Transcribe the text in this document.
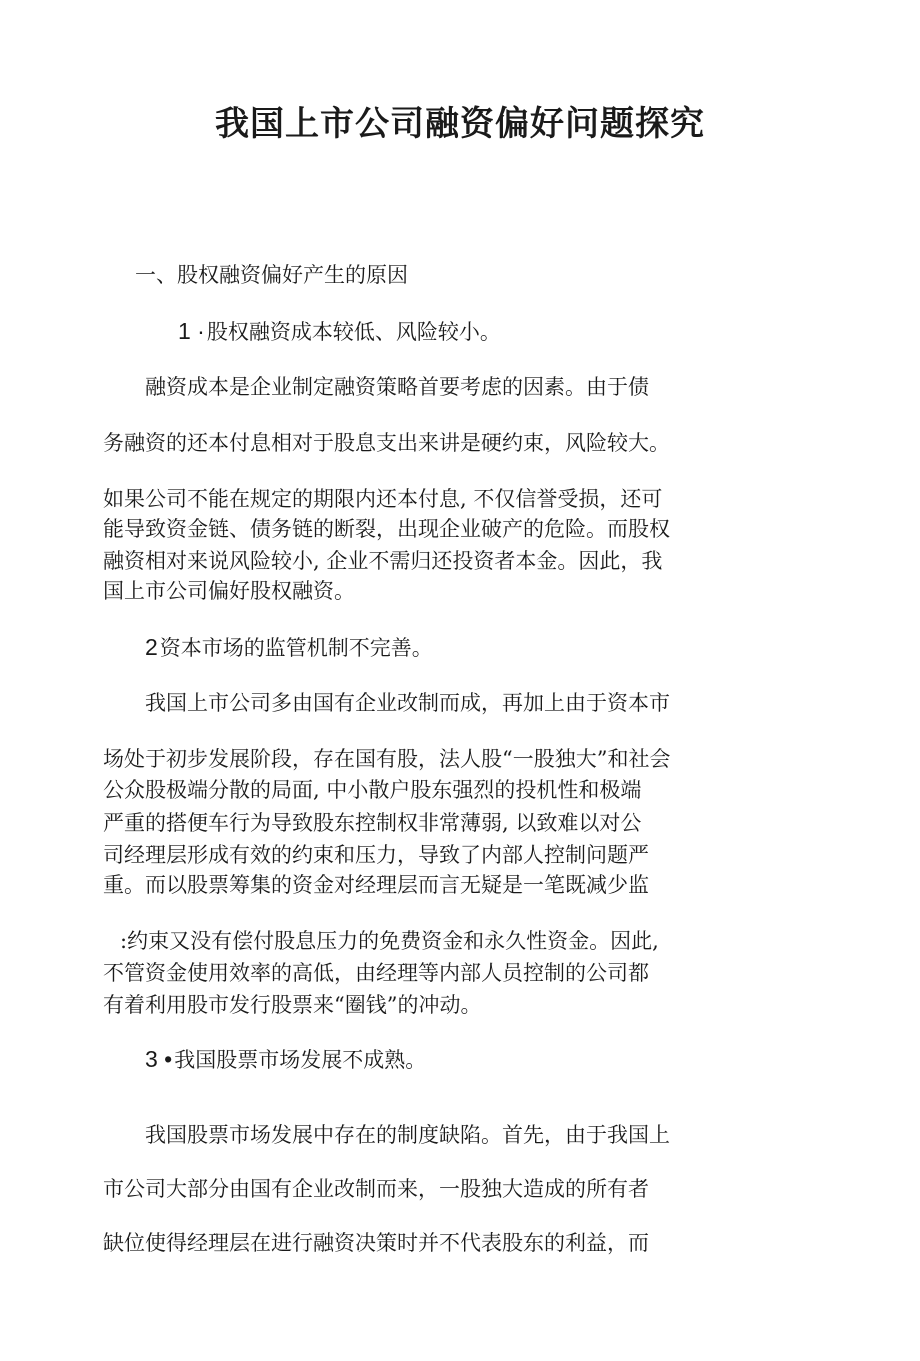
我国上市公司融资偏好问题探究
一、股权融资偏好产生的原因
1 ·股权融资成本较低、风险较小。
融资成本是企业制定融资策略首要考虑的因素。由于债
务融资的还本付息相对于股息支出来讲是硬约束，风险较大。
如果公司不能在规定的期限内还本付息, 不仅信誉受损，还可
能导致资金链、债务链的断裂，出现企业破产的危险。而股权
融资相对来说风险较小, 企业不需归还投资者本金。因此，我
国上市公司偏好股权融资。
2资本市场的监管机制不完善。
我国上市公司多由国有企业改制而成，再加上由于资本市
场处于初步发展阶段，存在国有股，法人股“一股独大”和社会
公众股极端分散的局面, 中小散户股东强烈的投机性和极端
严重的搭便车行为导致股东控制权非常薄弱, 以致难以对公
司经理层形成有效的约束和压力，导致了内部人控制问题严
重。而以股票筹集的资金对经理层而言无疑是一笔既减少监
:约束又没有偿付股息压力的免费资金和永久性资金。因此,
不管资金使用效率的高低，由经理等内部人员控制的公司都
有着利用股市发行股票来“圈钱”的冲动。
3 •我国股票市场发展不成熟。
我国股票市场发展中存在的制度缺陷。首先，由于我国上
市公司大部分由国有企业改制而来，一股独大造成的所有者
缺位使得经理层在进行融资决策时并不代表股东的利益，而
